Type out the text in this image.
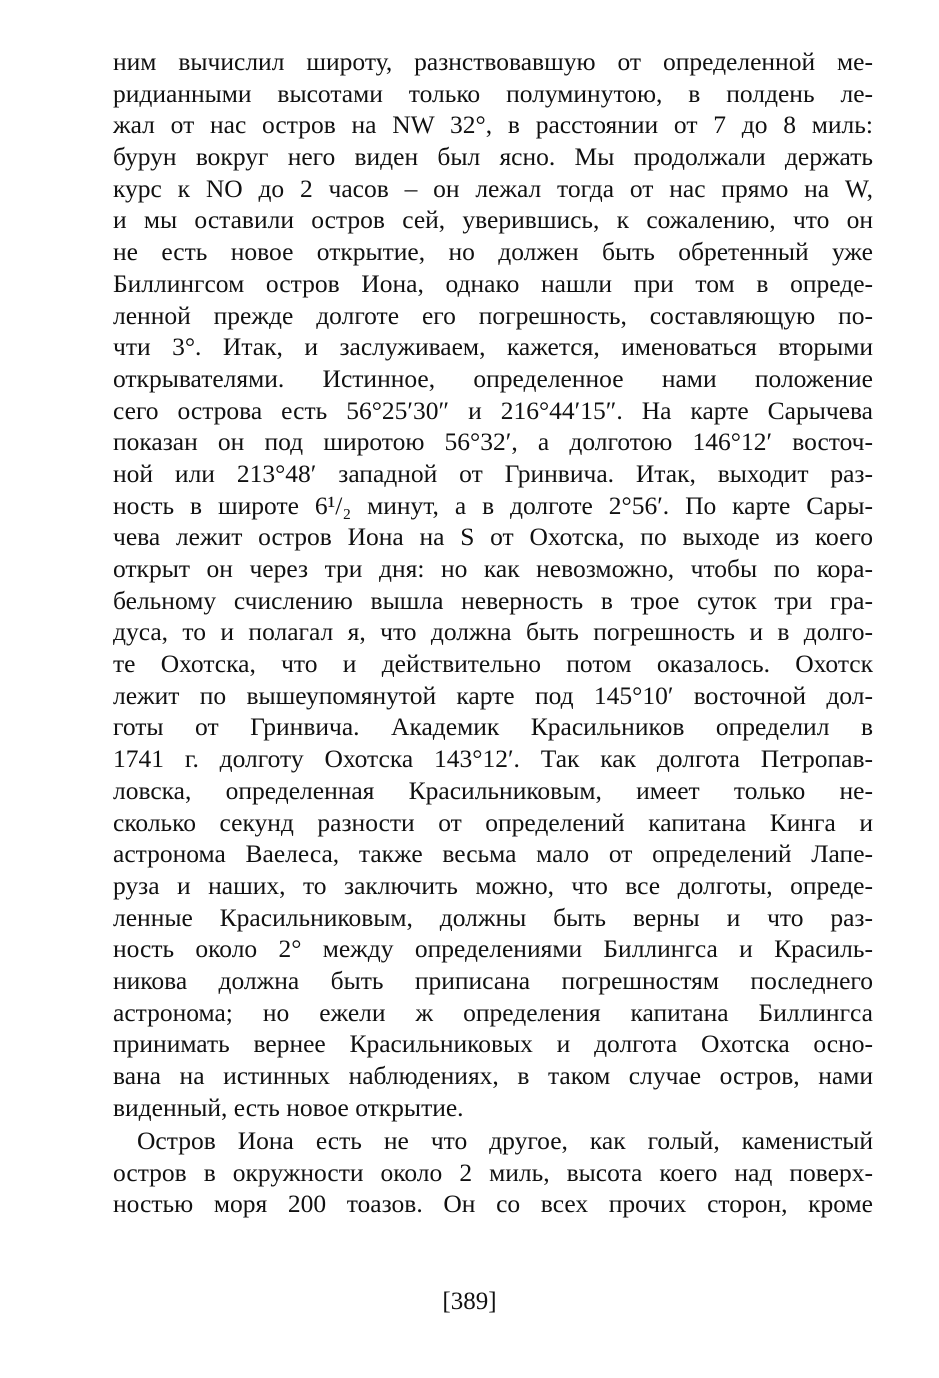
ним вычислил широту, разнствовавшую от определенной ме-
ридианными высотами только полуминутою, в полдень ле-
жал от нас остров на NW 32°, в расстоянии от 7 до 8 миль:
бурун вокруг него виден был ясно. Мы продолжали держать
курс к NO до 2 часов – он лежал тогда от нас прямо на W,
и мы оставили остров сей, уверившись, к сожалению, что он
не есть новое открытие, но должен быть обретенный уже
Биллингсом остров Иона, однако нашли при том в опреде-
ленной прежде долготе его погрешность, составляющую по-
чти 3°. Итак, и заслуживаем, кажется, именоваться вторыми
открывателями. Истинное, определенное нами положение
сего острова есть 56°25′30″ и 216°44′15″. На карте Сарычева
показан он под широтою 56°32′, а долготою 146°12′ восточ-
ной или 213°48′ западной от Гринвича. Итак, выходит раз-
ность в широте 6¹/₂ минут, а в долготе 2°56′. По карте Сары-
чева лежит остров Иона на S от Охотска, по выходе из коего
открыт он через три дня: но как невозможно, чтобы по кора-
бельному счислению вышла неверность в трое суток три гра-
дуса, то и полагал я, что должна быть погрешность и в долго-
те Охотска, что и действительно потом оказалось. Охотск
лежит по вышеупомянутой карте под 145°10′ восточной дол-
готы от Гринвича. Академик Красильников определил в
1741 г. долготу Охотска 143°12′. Так как долгота Петропав-
ловска, определенная Красильниковым, имеет только не-
сколько секунд разности от определений капитана Кинга и
астронома Ваелеса, также весьма мало от определений Лапе-
руза и наших, то заключить можно, что все долготы, опреде-
ленные Красильниковым, должны быть верны и что раз-
ность около 2° между определениями Биллингса и Красиль-
никова должна быть приписана погрешностям последнего
астронома; но ежели ж определения капитана Биллингса
принимать вернее Красильниковых и долгота Охотска осно-
вана на истинных наблюдениях, в таком случае остров, нами
виденный, есть новое открытие.
Остров Иона есть не что другое, как голый, каменистый
остров в окружности около 2 миль, высота коего над поверх-
ностью моря 200 тоазов. Он со всех прочих сторон, кроме
[389]
